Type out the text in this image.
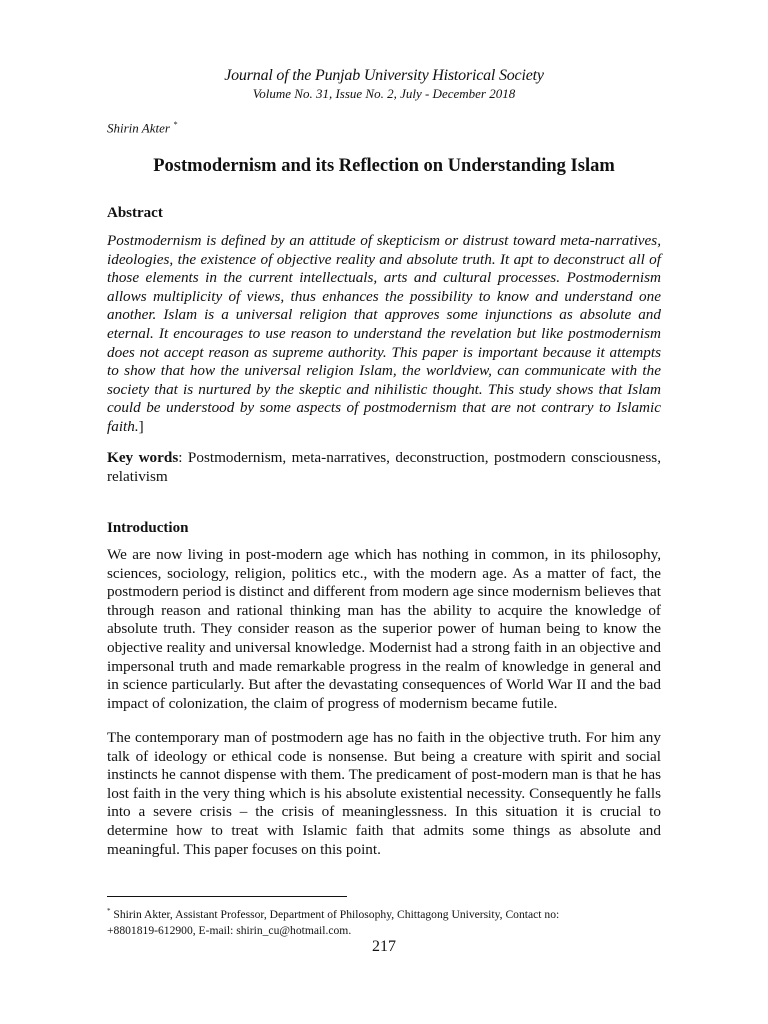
Journal of the Punjab University Historical Society
Volume No. 31, Issue No. 2, July - December 2018
Shirin Akter *
Postmodernism and its Reflection on Understanding Islam
Abstract
Postmodernism is defined by an attitude of skepticism or distrust toward meta-narratives, ideologies, the existence of objective reality and absolute truth. It apt to deconstruct all of those elements in the current intellectuals, arts and cultural processes. Postmodernism allows multiplicity of views, thus enhances the possibility to know and understand one another. Islam is a universal religion that approves some injunctions as absolute and eternal. It encourages to use reason to understand the revelation but like postmodernism does not accept reason as supreme authority. This paper is important because it attempts to show that how the universal religion Islam, the worldview, can communicate with the society that is nurtured by the skeptic and nihilistic thought. This study shows that Islam could be understood by some aspects of postmodernism that are not contrary to Islamic faith.]
Key words: Postmodernism, meta-narratives, deconstruction, postmodern consciousness, relativism
Introduction
We are now living in post-modern age which has nothing in common, in its philosophy, sciences, sociology, religion, politics etc., with the modern age. As a matter of fact, the postmodern period is distinct and different from modern age since modernism believes that through reason and rational thinking man has the ability to acquire the knowledge of absolute truth. They consider reason as the superior power of human being to know the objective reality and universal knowledge. Modernist had a strong faith in an objective and impersonal truth and made remarkable progress in the realm of knowledge in general and in science particularly. But after the devastating consequences of World War II and the bad impact of colonization, the claim of progress of modernism became futile.
The contemporary man of postmodern age has no faith in the objective truth. For him any talk of ideology or ethical code is nonsense. But being a creature with spirit and social instincts he cannot dispense with them. The predicament of post-modern man is that he has lost faith in the very thing which is his absolute existential necessity. Consequently he falls into a severe crisis – the crisis of meaninglessness. In this situation it is crucial to determine how to treat with Islamic faith that admits some things as absolute and meaningful. This paper focuses on this point.
* Shirin Akter, Assistant Professor, Department of Philosophy, Chittagong University, Contact no:
+8801819-612900, E-mail: shirin_cu@hotmail.com.
217
